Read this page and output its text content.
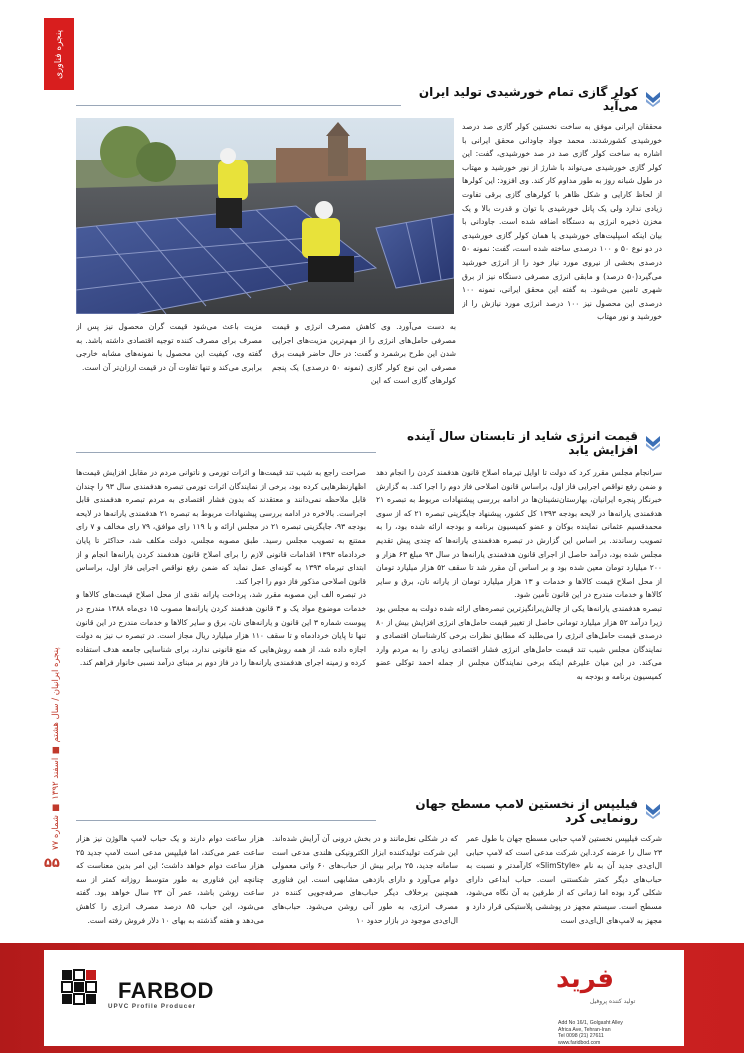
پنجره فناوری
کولر گازی تمام خورشیدی تولید ایران می‌آید

محققان ایرانی موفق به ساخت نخستین کولر گازی صد درصد خورشیدی کشورشدند. محمد جواد جاودانی محقق ایرانی با اشاره به ساخت کولر گازی صد در صد خورشیدی، گفت: این کولر گازی خورشیدی می‌تواند با شارژ از نور خورشید و مهتاب در طول شبانه روز به طور مداوم کار کند. وی افزود: این کولرها از لحاظ کارایی و شکل ظاهر با کولرهای گازی برقی تفاوت زیادی ندارد ولی یک پانل خورشیدی با توان و قدرت بالا و یک مخزن ذخیره انرژی به دستگاه اضافه شده است. جاودانی با بیان اینکه اسپلیت‌های خورشیدی یا همان کولر گازی خورشیدی در دو نوع ۵۰ و ۱۰۰ درصدی ساخته شده است، گفت: نمونه ۵۰ درصدی بخشی از نیروی مورد نیاز خود را از انرژی خورشید می‌گیرد(۵۰ درصد) و مابقی انرژی مصرفی دستگاه نیز از برق شهری تامین می‌شود. به گفته این محقق ایرانی، نمونه ۱۰۰ درصدی این محصول نیز ۱۰۰ درصد انرژی مورد نیازش را از خورشید و نور مهتاب

به دست می‌آورد. وی کاهش مصرف انرژی و قیمت مصرفی حامل‌های انرژی را از مهم‌ترین مزیت‌های اجرایی شدن این طرح برشمرد و گفت: در حال حاضر قیمت برق مصرفی این نوع کولر گازی (نمونه ۵۰ درصدی) یک پنجم کولرهای گازی است که این

مزیت باعث می‌شود قیمت گران محصول نیز پس از مصرف برای مصرف کننده توجیه اقتصادی داشته باشد. به گفته وی، کیفیت این محصول با نمونه‌های مشابه خارجی برابری می‌کند و تنها تفاوت آن در قیمت ارزان‌تر آن است.

قیمت انرژی شاید از تابستان سال آینده افزایش یابد

سرانجام مجلس مقرر کرد که دولت تا اوایل تیرماه اصلاح قانون هدفمند کردن را انجام دهد و ضمن رفع نواقص اجرایی فاز اول، براساس قانون اصلاحی فاز دوم را اجرا کند. به گزارش خبرنگار پنجره ایرانیان، بهارستان‌نشینان‌ها در ادامه بررسی پیشنهادات مربوط به تبصره ۲۱ هدفمندی یارانه‌ها در لایحه بودجه ۱۳۹۳ کل کشور، پیشنهاد جایگزینی تبصره ۲۱ که از سوی محمدقسیم عثمانی نماینده بوکان و عضو کمیسیون برنامه و بودجه ارائه شده بود، را به تصویب رساندند. بر اساس این گزارش در تبصره هدفمندی یارانه‌ها که چندی پیش تقدیم مجلس شده بود، درآمد حاصل از اجرای قانون هدفمندی یارانه‌ها در سال ۹۳ مبلغ ۶۳ هزار و ۲۰۰ میلیارد تومان معین شده بود و بر اساس آن مقرر شد تا سقف ۵۲ هزار میلیارد تومان از محل اصلاح قیمت کالاها و خدمات و ۱۳ هزار میلیارد تومان از یارانه نان، برق و سایر کالاها و خدمات مندرج در این قانون تأمین شود.

تبصره هدفمندی یارانه‌ها یکی از چالش‌برانگیزترین تبصره‌های ارائه شده دولت به مجلس بود زیرا درآمد ۵۲ هزار میلیارد تومانی حاصل از تغییر قیمت حامل‌های انرژی افزایش بیش از ۸۰ درصدی قیمت حامل‌های انرژی را می‌طلبد که مطابق نظرات برخی کارشناسان اقتصادی و نمایندگان مجلس شیب تند قیمت حامل‌های انرژی فشار اقتصادی زیادی را به مردم وارد می‌کند. در این میان علیرغم اینکه برخی نمایندگان مجلس از جمله احمد توکلی عضو کمیسیون برنامه و بودجه به

صراحت راجع به شیب تند قیمت‌ها و اثرات تورمی و ناتوانی مردم در مقابل افزایش قیمت‌ها اظهارنظرهایی کرده بود، برخی از نمایندگان اثرات تورمی تبصره هدفمندی سال ۹۳ را چندان قابل ملاحظه نمی‌دانند و معتقدند که بدون فشار اقتصادی به مردم تبصره هدفمندی قابل اجراست. بالاخره در ادامه بررسی پیشنهادات مربوط به تبصره ۲۱ هدفمندی یارانه‌ها در لایحه بودجه ۹۳، جایگزینی تبصره ۲۱ در مجلس ارائه و با ۱۱۹ رای موافق، ۷۹ رای مخالف و ۷ رای ممتنع به تصویب مجلس رسید. طبق مصوبه مجلس، دولت مکلف شد، حداکثر تا پایان خردادماه ۱۳۹۳ اقدامات قانونی لازم را برای اصلاح قانون هدفمند کردن یارانه‌ها انجام و از ابتدای تیرماه ۱۳۹۳ به گونه‌ای عمل نماید که ضمن رفع نواقص اجرایی فاز اول، براساس قانون اصلاحی مذکور فاز دوم را اجرا کند.

در تبصره الف این مصوبه مقرر شد، پرداخت یارانه نقدی از محل اصلاح قیمت‌های کالاها و خدمات موضوع مواد یک و ۳ قانون هدفمند کردن یارانه‌ها مصوب ۱۵ دی‌ماه ۱۳۸۸ مندرج در پیوست شماره ۳ این قانون و یارانه‌های نان، برق و سایر کالاها و خدمات مندرج در این قانون تنها تا پایان خردادماه و تا سقف ۱۱۰ هزار میلیارد ریال مجاز است. در تبصره ب نیز به دولت اجازه داده شد، از همه روش‌هایی که منع قانونی ندارد، برای شناسایی جامعه هدف استفاده کرده و زمینه اجرای هدفمندی یارانه‌ها را در فاز دوم بر مبنای درآمد نسبی خانوار فراهم کند.

فیلیپس از نخستین لامپ مسطح جهان رونمایی کرد

شرکت فیلیپس نخستین لامپ حبابی مسطح جهان با طول عمر ۲۳ سال را عرضه کرد.این شرکت مدعی است که لامپ حبابی ال‌ای‌دی جدید آن به نام «SlimStyle» کارآمدتر و نسبت به حباب‌های دیگر کمتر شکستنی است. حباب ابداعی دارای شکلی گرد بوده اما زمانی که از طرفین به آن نگاه می‌شود، مسطح است. سیستم مجهز در پوششی پلاستیکی قرار دارد و مجهز به لامپ‌های ال‌ای‌دی است

که در شکلی نعل‌مانند و در بخش درونی آن آرایش شده‌اند. این شرکت تولیدکننده ابزار الکترونیکی هلندی مدعی است سامانه جدید، ۲۵ برابر بیش از حباب‌های ۶۰ واتی معمولی دوام می‌آورد و دارای بازدهی مشابهی است. این فناوری همچنین برخلاف دیگر حباب‌های صرفه‌جویی کننده در مصرف انرژی، به طور آنی روشن می‌شود. حباب‌های ال‌ای‌دی موجود در بازار حدود ۱۰

هزار ساعت دوام دارند و یک حباب لامپ هالوژن نیز هزار ساعت عمر می‌کند، اما فیلیپس مدعی است لامپ جدید ۲۵ هزار ساعت دوام خواهد داشت؛ این امر بدین معناست که چنانچه این فناوری به طور متوسط روزانه کمتر از سه ساعت روشن باشد، عمر آن ۲۳ سال خواهد بود. گفته می‌شود، این حباب ۸۵ درصد مصرف انرژی را کاهش می‌دهد و هفته گذشته به بهای ۱۰ دلار فروش رفته است.

پنجره ایرانیان / سال هشتم ■ اسفند ۱۳۹۲ ■ شماره ۷۷
۵۵
FARBOD
UPVC Profile Producer
فرید
تولید کننده پروفیل
Add No 16/1, Golgasht Alley
Africa Ave, Tehran-Iran
Tel 0098 (21) 27611
www.faridbod.com
